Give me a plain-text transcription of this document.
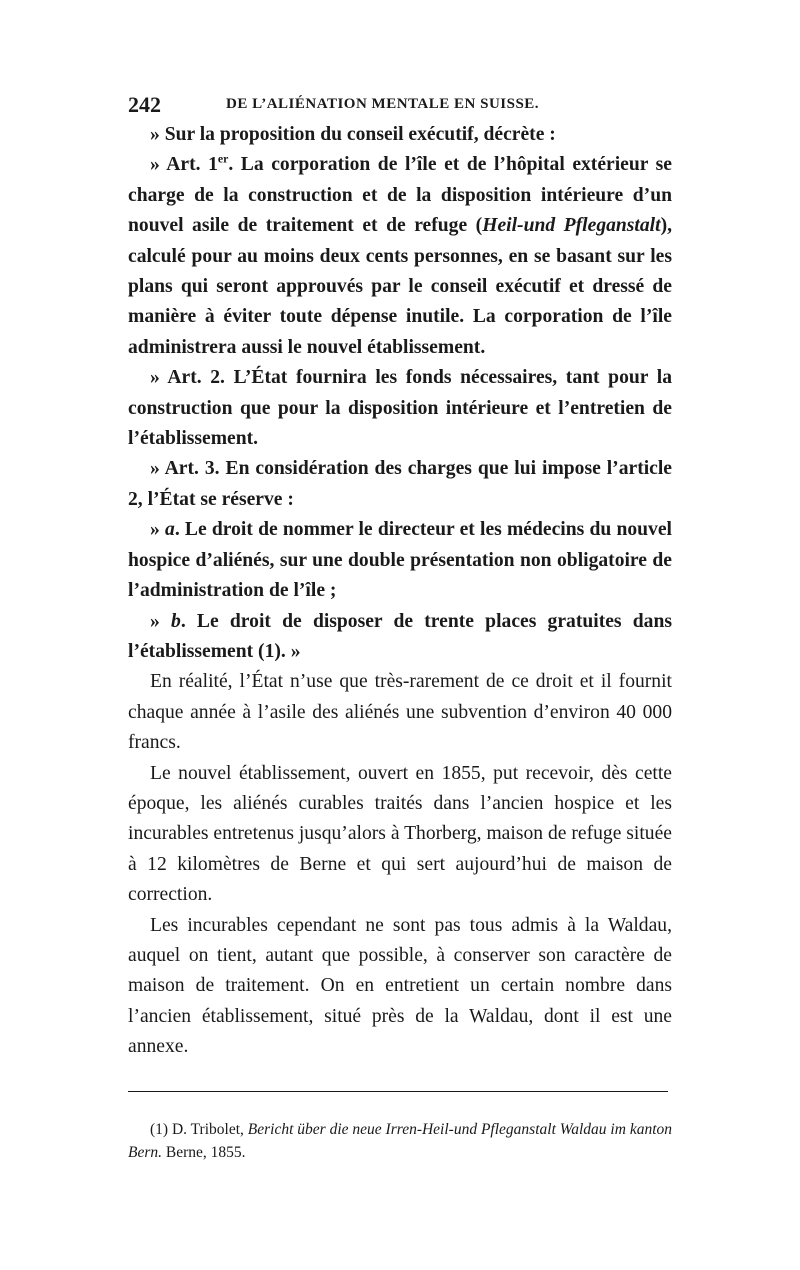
242	DE L’ALIÉNATION MENTALE EN SUISSE.

» Sur la proposition du conseil exécutif, décrète :

» Art. 1er. La corporation de l’île et de l’hôpital extérieur se charge de la construction et de la disposition intérieure d’un nouvel asile de traitement et de refuge (Heil-und Pfleganstalt), calculé pour au moins deux cents personnes, en se basant sur les plans qui seront approuvés par le conseil exécutif et dressé de manière à éviter toute dépense inutile. La corporation de l’île administrera aussi le nouvel établissement.

» Art. 2. L’État fournira les fonds nécessaires, tant pour la construction que pour la disposition intérieure et l’entretien de l’établissement.

» Art. 3. En considération des charges que lui impose l’article 2, l’État se réserve :

» a. Le droit de nommer le directeur et les médecins du nouvel hospice d’aliénés, sur une double présentation non obligatoire de l’administration de l’île ;

» b. Le droit de disposer de trente places gratuites dans l’établissement (1). »

En réalité, l’État n’use que très-rarement de ce droit et il fournit chaque année à l’asile des aliénés une subvention d’environ 40 000 francs.

Le nouvel établissement, ouvert en 1855, put recevoir, dès cette époque, les aliénés curables traités dans l’ancien hospice et les incurables entretenus jusqu’alors à Thorberg, maison de refuge située à 12 kilomètres de Berne et qui sert aujourd’hui de maison de correction.

Les incurables cependant ne sont pas tous admis à la Waldau, auquel on tient, autant que possible, à conserver son caractère de maison de traitement. On en entretient un certain nombre dans l’ancien établissement, situé près de la Waldau, dont il est une annexe.

(1) D. Tribolet, Bericht über die neue Irren-Heil-und Pfleganstalt Waldau im kanton Bern. Berne, 1855.
